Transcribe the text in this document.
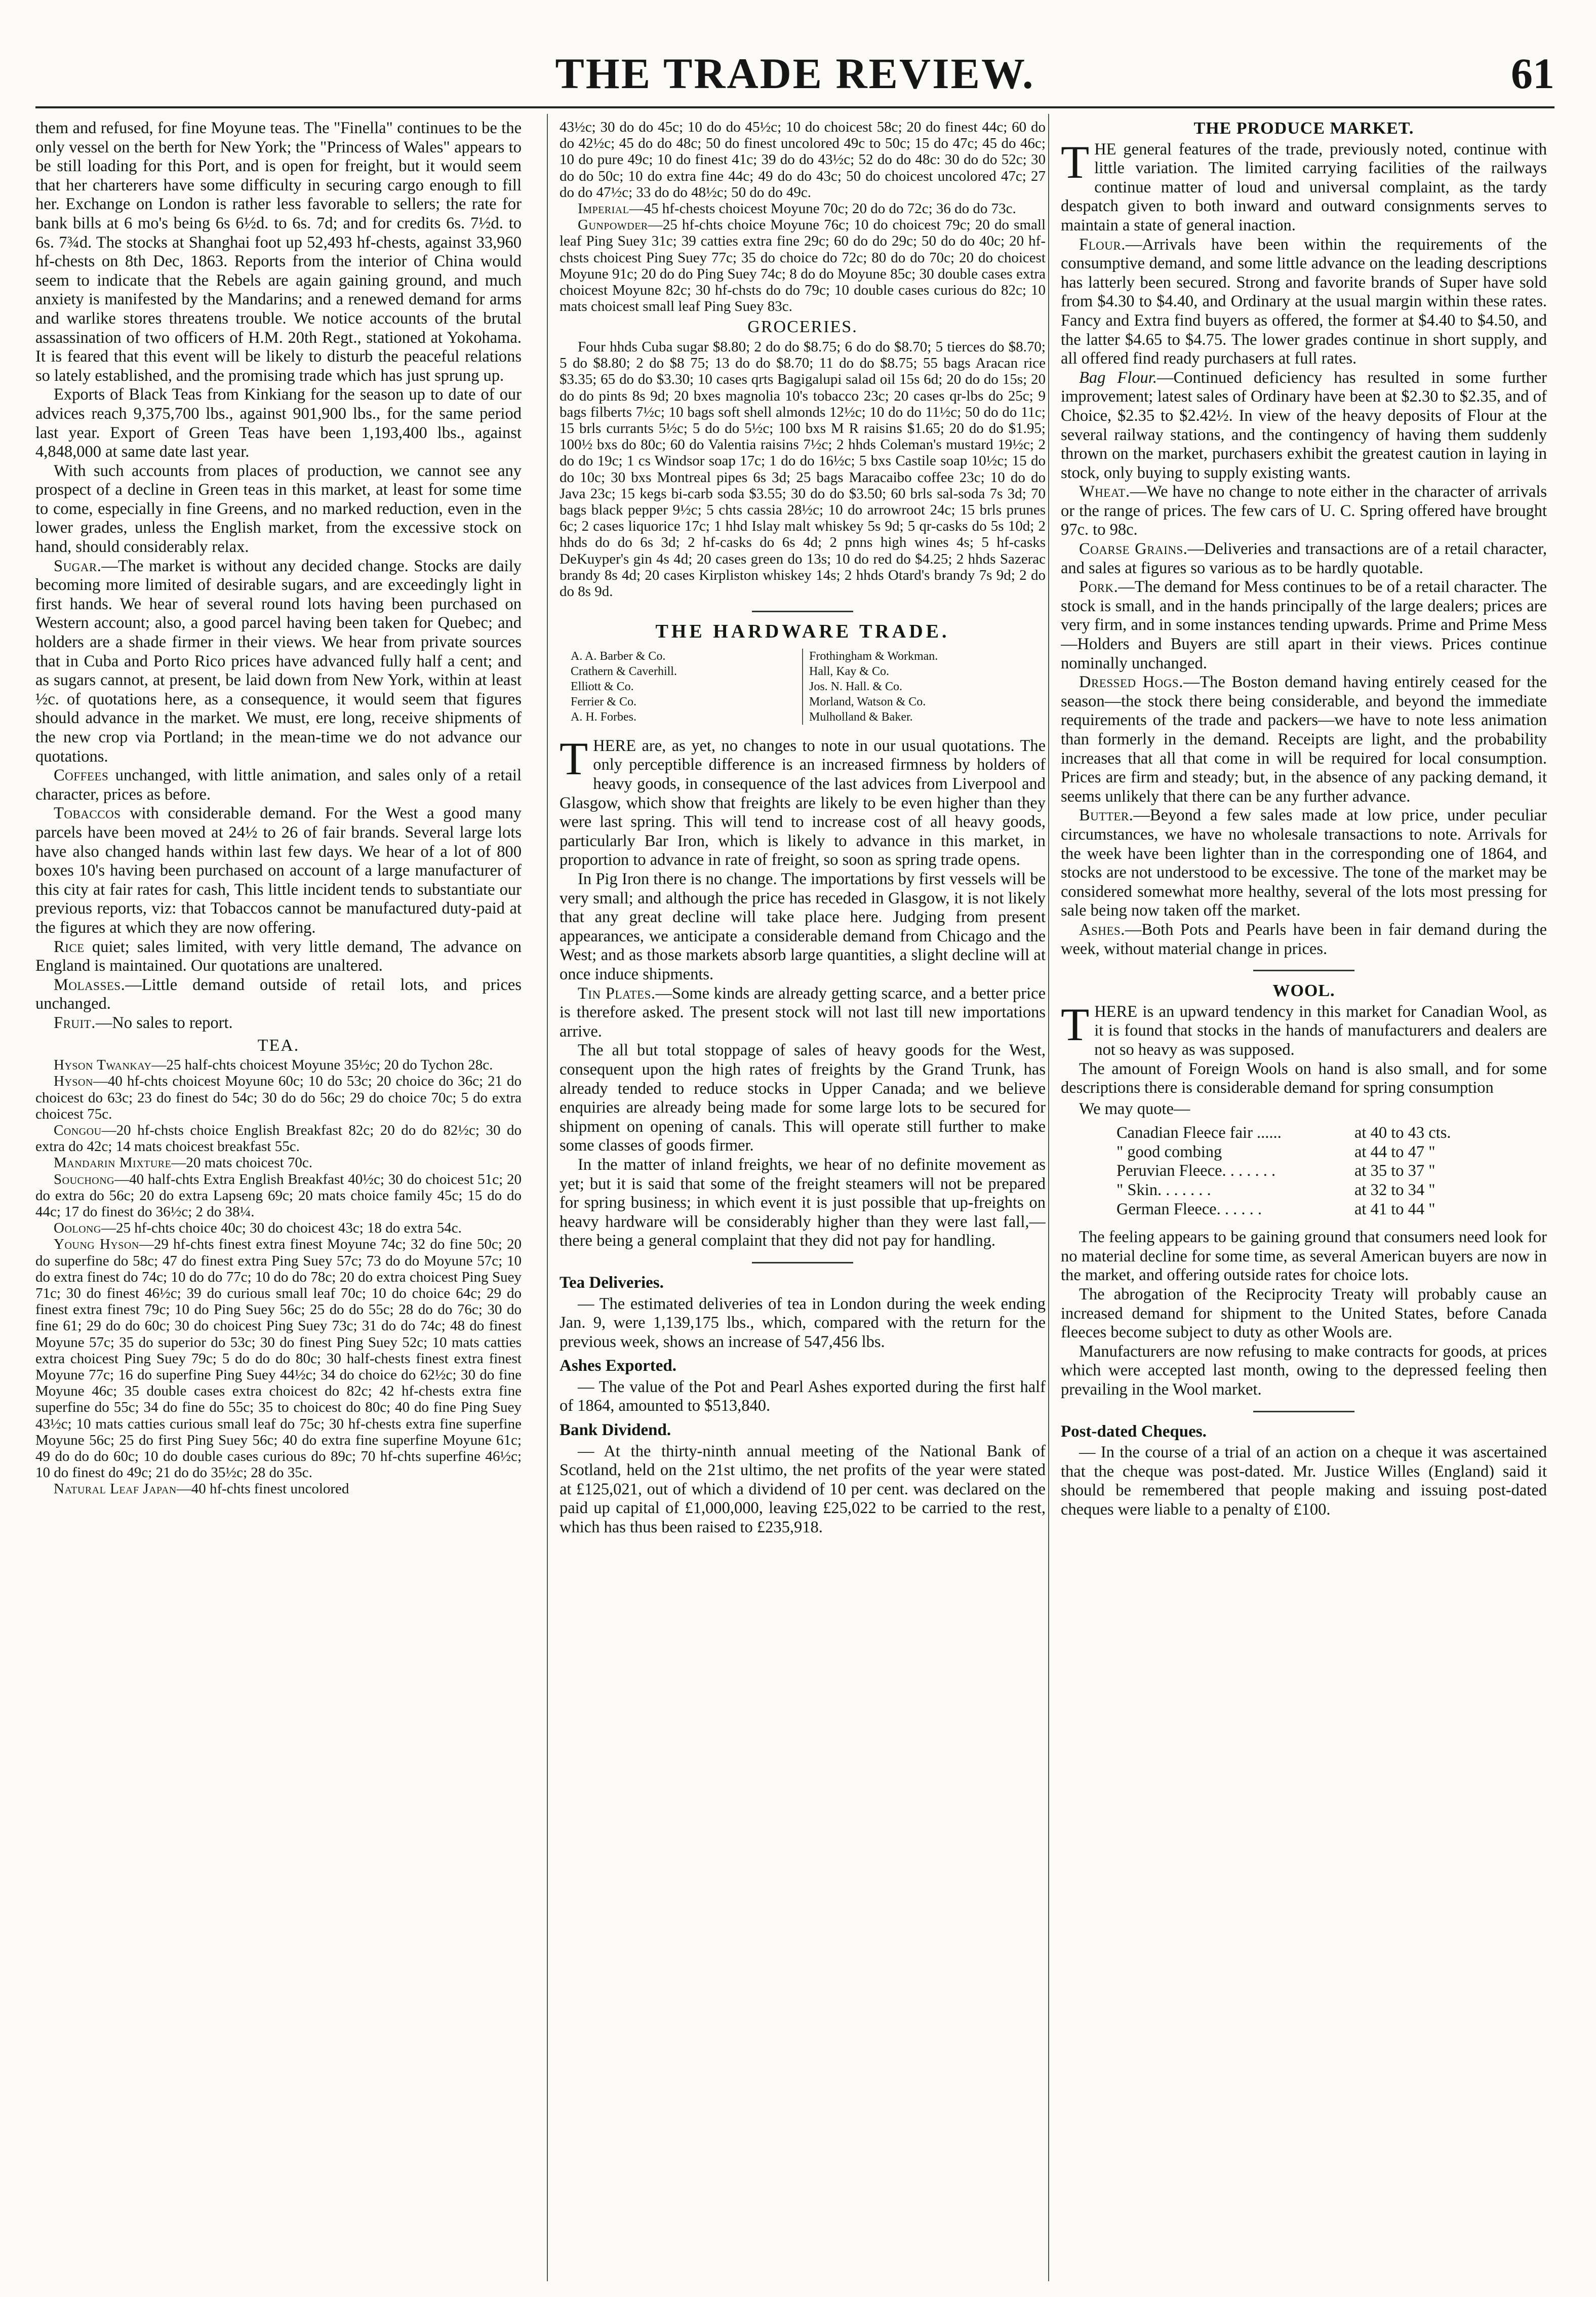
THE TRADE REVIEW.	61

them and refused, for fine Moyune teas. The "Finella" continues to be the only vessel on the berth for New York; the "Princess of Wales" appears to be still loading for this Port, and is open for freight, but it would seem that her charterers have some difficulty in securing cargo enough to fill her. Exchange on London is rather less favorable to sellers; the rate for bank bills at 6 mo's being 6s 6½d. to 6s. 7d; and for credits 6s. 7½d. to 6s. 7¾d. The stocks at Shanghai foot up 52,493 hf-chests, against 33,960 hf-chests on 8th Dec, 1863. Reports from the interior of China would seem to indicate that the Rebels are again gaining ground, and much anxiety is manifested by the Mandarins; and a renewed demand for arms and warlike stores threatens trouble. We notice accounts of the brutal assassination of two officers of H.M. 20th Regt., stationed at Yokohama. It is feared that this event will be likely to disturb the peaceful relations so lately established, and the promising trade which has just sprung up.

Exports of Black Teas from Kinkiang for the season up to date of our advices reach 9,375,700 lbs., against 901,900 lbs., for the same period last year. Export of Green Teas have been 1,193,400 lbs., against 4,848,000 at same date last year.

With such accounts from places of production, we cannot see any prospect of a decline in Green teas in this market, at least for some time to come, especially in fine Greens, and no marked reduction, even in the lower grades, unless the English market, from the excessive stock on hand, should considerably relax.

Sugar.—The market is without any decided change. Stocks are daily becoming more limited of desirable sugars, and are exceedingly light in first hands. We hear of several round lots having been purchased on Western account; also, a good parcel having been taken for Quebec; and holders are a shade firmer in their views. We hear from private sources that in Cuba and Porto Rico prices have advanced fully half a cent; and as sugars cannot, at present, be laid down from New York, within at least ½c. of quotations here, as a consequence, it would seem that figures should advance in the market. We must, ere long, receive shipments of the new crop via Portland; in the mean-time we do not advance our quotations.

Coffees unchanged, with little animation, and sales only of a retail character, prices as before.

Tobaccos with considerable demand. For the West a good many parcels have been moved at 24½ to 26 of fair brands. Several large lots have also changed hands within last few days. We hear of a lot of 800 boxes 10's having been purchased on account of a large manufacturer of this city at fair rates for cash, This little incident tends to substantiate our previous reports, viz: that Tobaccos cannot be manufactured duty-paid at the figures at which they are now offering.

Rice quiet; sales limited, with very little demand, The advance on England is maintained. Our quotations are unaltered.

Molasses.—Little demand outside of retail lots, and prices unchanged.

Fruit.—No sales to report.

TEA.

Hyson Twankay—25 half-chts choicest Moyune 35½c; 20 do Tychon 28c.

Hyson—40 hf-chts choicest Moyune 60c; 10 do 53c; 20 choice do 36c; 21 do choicest do 63c; 23 do finest do 54c; 30 do do 56c; 29 do choice 70c; 5 do extra choicest 75c.

Congou—20 hf-chsts choice English Breakfast 82c; 20 do do 82½c; 30 do extra do 42c; 14 mats choicest breakfast 55c.

Mandarin Mixture—20 mats choicest 70c.

Souchong—40 half-chts Extra English Breakfast 40½c; 30 do choicest 51c; 20 do extra do 56c; 20 do extra Lapseng 69c; 20 mats choice family 45c; 15 do do 44c; 17 do finest do 36½c; 2 do 38¼.

Oolong—25 hf-chts choice 40c; 30 do choicest 43c; 18 do extra 54c.

Young Hyson—29 hf-chts finest extra finest Moyune 74c; 32 do fine 50c; 20 do superfine do 58c; 47 do finest extra Ping Suey 57c; 73 do do Moyune 57c; 10 do extra finest do 74c; 10 do do 77c; 10 do do 78c; 20 do extra choicest Ping Suey 71c; 30 do finest 46½c; 39 do curious small leaf 70c; 10 do choice 64c; 29 do finest extra finest 79c; 10 do Ping Suey 56c; 25 do do 55c; 28 do do 76c; 30 do fine 61; 29 do do 60c; 30 do choicest Ping Suey 73c; 31 do do 74c; 48 do finest Moyune 57c; 35 do superior do 53c; 30 do finest Ping Suey 52c; 10 mats catties extra choicest Ping Suey 79c; 5 do do do 80c; 30 half-chests finest extra finest Moyune 77c; 16 do superfine Ping Suey 44½c; 34 do choice do 62½c; 30 do fine Moyune 46c; 35 double cases extra choicest do 82c; 42 hf-chests extra fine superfine do 55c; 34 do fine do 55c; 35 to choicest do 80c; 40 do fine Ping Suey 43½c; 10 mats catties curious small leaf do 75c; 30 hf-chests extra fine superfine Moyune 56c; 25 do first Ping Suey 56c; 40 do extra fine superfine Moyune 61c; 49 do do do 60c; 10 do double cases curious do 89c; 70 hf-chts superfine 46½c; 10 do finest do 49c; 21 do do 35½c; 28 do 35c.

Natural Leaf Japan—40 hf-chts finest uncolored

43½c; 30 do do 45c; 10 do do 45½c; 10 do choicest 58c; 20 do finest 44c; 60 do do 42½c; 45 do do 48c; 50 do finest uncolored 49c to 50c; 15 do 47c; 45 do 46c; 10 do pure 49c; 10 do finest 41c; 39 do do 43½c; 52 do do 48c: 30 do do 52c; 30 do do 50c; 10 do extra fine 44c; 49 do do 43c; 50 do choicest uncolored 47c; 27 do do 47½c; 33 do do 48½c; 50 do do 49c.

Imperial—45 hf-chests choicest Moyune 70c; 20 do do 72c; 36 do do 73c.

Gunpowder—25 hf-chts choice Moyune 76c; 10 do choicest 79c; 20 do small leaf Ping Suey 31c; 39 catties extra fine 29c; 60 do do 29c; 50 do do 40c; 20 hf-chsts choicest Ping Suey 77c; 35 do choice do 72c; 80 do do 70c; 20 do choicest Moyune 91c; 20 do do Ping Suey 74c; 8 do do Moyune 85c; 30 double cases extra choicest Moyune 82c; 30 hf-chsts do do 79c; 10 double cases curious do 82c; 10 mats choicest small leaf Ping Suey 83c.

GROCERIES.

Four hhds Cuba sugar $8.80; 2 do do $8.75; 6 do do $8.70; 5 tierces do $8.70; 5 do $8.80; 2 do $8 75; 13 do do $8.70; 11 do do $8.75; 55 bags Aracan rice $3.35; 65 do do $3.30; 10 cases qrts Bagigalupi salad oil 15s 6d; 20 do do 15s; 20 do do pints 8s 9d; 20 bxes magnolia 10's tobacco 23c; 20 cases qr-lbs do 25c; 9 bags filberts 7½c; 10 bags soft shell almonds 12½c; 10 do do 11½c; 50 do do 11c; 15 brls currants 5½c; 5 do do 5½c; 100 bxs M R raisins $1.65; 20 do do $1.95; 100½ bxs do 80c; 60 do Valentia raisins 7½c; 2 hhds Coleman's mustard 19½c; 2 do do 19c; 1 cs Windsor soap 17c; 1 do do 16½c; 5 bxs Castile soap 10½c; 15 do do 10c; 30 bxs Montreal pipes 6s 3d; 25 bags Maracaibo coffee 23c; 10 do do Java 23c; 15 kegs bi-carb soda $3.55; 30 do do $3.50; 60 brls sal-soda 7s 3d; 70 bags black pepper 9½c; 5 chts cassia 28½c; 10 do arrowroot 24c; 15 brls prunes 6c; 2 cases liquorice 17c; 1 hhd Islay malt whiskey 5s 9d; 5 qr-casks do 5s 10d; 2 hhds do do 6s 3d; 2 hf-casks do 6s 4d; 2 pnns high wines 4s; 5 hf-casks DeKuyper's gin 4s 4d; 20 cases green do 13s; 10 do red do $4.25; 2 hhds Sazerac brandy 8s 4d; 20 cases Kirpliston whiskey 14s; 2 hhds Otard's brandy 7s 9d; 2 do do 8s 9d.

THE HARDWARE TRADE.
A. A. Barber & Co.
Crathern & Caverhill.
Elliott & Co.
Ferrier & Co.
A. H. Forbes.
Frothingham & Workman.
Hall, Kay & Co.
Jos. N. Hall. & Co.
Morland, Watson & Co.
Mulholland & Baker.

THERE are, as yet, no changes to note in our usual quotations. The only perceptible difference is an increased firmness by holders of heavy goods, in consequence of the last advices from Liverpool and Glasgow, which show that freights are likely to be even higher than they were last spring. This will tend to increase cost of all heavy goods, particularly Bar Iron, which is likely to advance in this market, in proportion to advance in rate of freight, so soon as spring trade opens.

In Pig Iron there is no change. The importations by first vessels will be very small; and although the price has receded in Glasgow, it is not likely that any great decline will take place here. Judging from present appearances, we anticipate a considerable demand from Chicago and the West; and as those markets absorb large quantities, a slight decline will at once induce shipments.

Tin Plates.—Some kinds are already getting scarce, and a better price is therefore asked. The present stock will not last till new importations arrive.

The all but total stoppage of sales of heavy goods for the West, consequent upon the high rates of freights by the Grand Trunk, has already tended to reduce stocks in Upper Canada; and we believe enquiries are already being made for some large lots to be secured for shipment on opening of canals. This will operate still further to make some classes of goods firmer.

In the matter of inland freights, we hear of no definite movement as yet; but it is said that some of the freight steamers will not be prepared for spring business; in which event it is just possible that up-freights on heavy hardware will be considerably higher than they were last fall,—there being a general complaint that they did not pay for handling.

Tea Deliveries.

— The estimated deliveries of tea in London during the week ending Jan. 9, were 1,139,175 lbs., which, compared with the return for the previous week, shows an increase of 547,456 lbs.

Ashes Exported.

— The value of the Pot and Pearl Ashes exported during the first half of 1864, amounted to $513,840.

Bank Dividend.

— At the thirty-ninth annual meeting of the National Bank of Scotland, held on the 21st ultimo, the net profits of the year were stated at £125,021, out of which a dividend of 10 per cent. was declared on the paid up capital of £1,000,000, leaving £25,022 to be carried to the rest, which has thus been raised to £235,918.

THE PRODUCE MARKET.

THE general features of the trade, previously noted, continue with little variation. The limited carrying facilities of the railways continue matter of loud and universal complaint, as the tardy despatch given to both inward and outward consignments serves to maintain a state of general inaction.

Flour.—Arrivals have been within the requirements of the consumptive demand, and some little advance on the leading descriptions has latterly been secured. Strong and favorite brands of Super have sold from $4.30 to $4.40, and Ordinary at the usual margin within these rates. Fancy and Extra find buyers as offered, the former at $4.40 to $4.50, and the latter $4.65 to $4.75. The lower grades continue in short supply, and all offered find ready purchasers at full rates.

Bag Flour.—Continued deficiency has resulted in some further improvement; latest sales of Ordinary have been at $2.30 to $2.35, and of Choice, $2.35 to $2.42½. In view of the heavy deposits of Flour at the several railway stations, and the contingency of having them suddenly thrown on the market, purchasers exhibit the greatest caution in laying in stock, only buying to supply existing wants.

Wheat.—We have no change to note either in the character of arrivals or the range of prices. The few cars of U. C. Spring offered have brought 97c. to 98c.

Coarse Grains.—Deliveries and transactions are of a retail character, and sales at figures so various as to be hardly quotable.

Pork.—The demand for Mess continues to be of a retail character. The stock is small, and in the hands principally of the large dealers; prices are very firm, and in some instances tending upwards. Prime and Prime Mess—Holders and Buyers are still apart in their views. Prices continue nominally unchanged.

Dressed Hogs.—The Boston demand having entirely ceased for the season—the stock there being considerable, and beyond the immediate requirements of the trade and packers—we have to note less animation than formerly in the demand. Receipts are light, and the probability increases that all that come in will be required for local consumption. Prices are firm and steady; but, in the absence of any packing demand, it seems unlikely that there can be any further advance.

Butter.—Beyond a few sales made at low price, under peculiar circumstances, we have no wholesale transactions to note. Arrivals for the week have been lighter than in the corresponding one of 1864, and stocks are not understood to be excessive. The tone of the market may be considered somewhat more healthy, several of the lots most pressing for sale being now taken off the market.

Ashes.—Both Pots and Pearls have been in fair demand during the week, without material change in prices.

WOOL.

THERE is an upward tendency in this market for Canadian Wool, as it is found that stocks in the hands of manufacturers and dealers are not so heavy as was supposed.

The amount of Foreign Wools on hand is also small, and for some descriptions there is considerable demand for spring consumption

We may quote—

Canadian Fleece fair ......	at 40 to 43 cts.
" good combing	at 44 to 47 "
Peruvian Fleece. . . . . . .	at 35 to 37 "
" Skin. . . . . . .	at 32 to 34 "
German Fleece. . . . . .	at 41 to 44 "

The feeling appears to be gaining ground that consumers need look for no material decline for some time, as several American buyers are now in the market, and offering outside rates for choice lots.

The abrogation of the Reciprocity Treaty will probably cause an increased demand for shipment to the United States, before Canada fleeces become subject to duty as other Wools are.

Manufacturers are now refusing to make contracts for goods, at prices which were accepted last month, owing to the depressed feeling then prevailing in the Wool market.

Post-dated Cheques.

— In the course of a trial of an action on a cheque it was ascertained that the cheque was post-dated. Mr. Justice Willes (England) said it should be remembered that people making and issuing post-dated cheques were liable to a penalty of £100.
